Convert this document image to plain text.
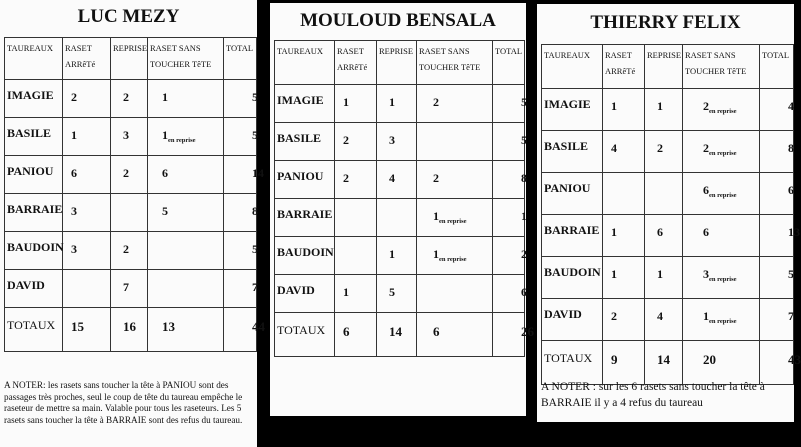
LUC MEZY
TAUREAUX	RASET
ARRêTé	REPRISE	RASET SANS
TOUCHER TêTE	TOTAL
IMAGIE	2	2	1	5
BASILE	1	3	$1_{en reprise}$	5
PANIOU	6	2	6	14
BARRAIE	3		5	8
BAUDOIN	3	2		5
DAVID		7		7
TOTAUX	15	16	13	44
A NOTER: les rasets sans toucher la tête à PANIOU sont des passages très proches, seul le coup de tête du taureau empêche le raseteur de mettre sa main. Valable pour tous les raseteurs. Les 5 rasets sans toucher la tête à BARRAIE sont des refus du taureau.
MOULOUD BENSALA
TAUREAUX	RASET
ARRêTé	REPRISE	RASET SANS
TOUCHER TêTE	TOTAL
IMAGIE	1	1	2	5
BASILE	2	3		5
PANIOU	2	4	2	8
BARRAIE			$1_{en reprise}$	1
BAUDOIN		1	$1_{en reprise}$	2
DAVID	1	5		6
TOTAUX	6	14	6	26
THIERRY FELIX
TAUREAUX	RASET
ARRêTé	REPRISE	RASET SANS
TOUCHER TêTE	TOTAL
IMAGIE	1	1	$2_{en reprise}$	4
BASILE	4	2	$2_{en reprise}$	8
PANIOU			$6_{en reprise}$	6
BARRAIE	1	6	6	13
BAUDOIN	1	1	$3_{en reprise}$	5
DAVID	2	4	$1_{en reprise}$	7
TOTAUX	9	14	20	43
A NOTER : sur les 6 rasets sans toucher la tête à BARRAIE il y a 4 refus du taureau
